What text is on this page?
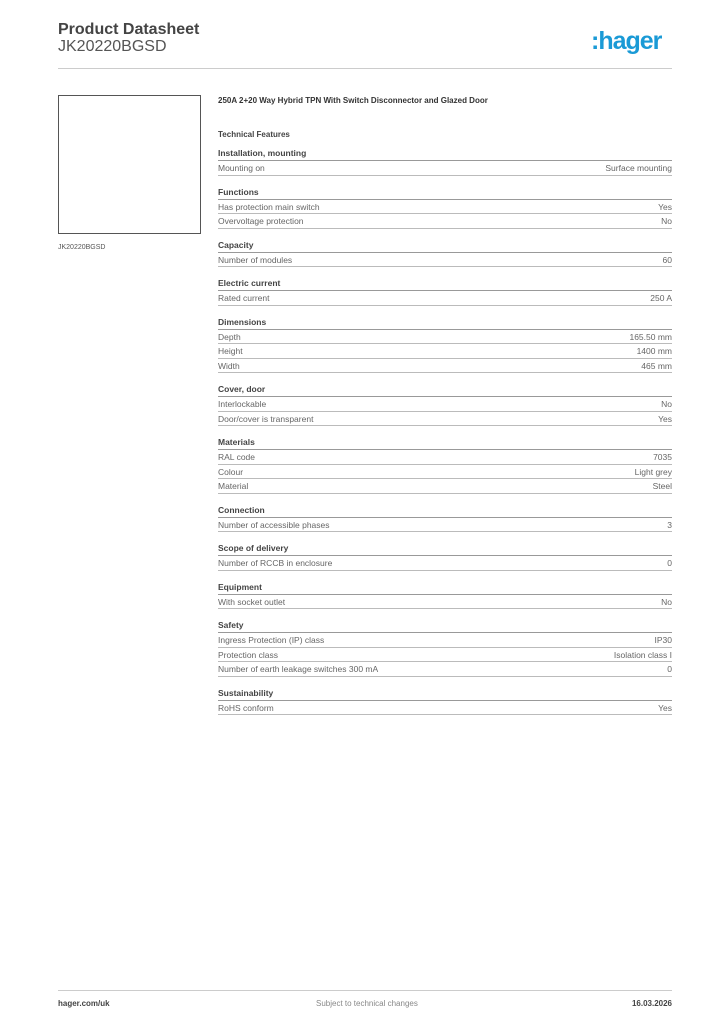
Product Datasheet
JK20220BGSD	:hager
JK20220BGSD
250A 2+20 Way Hybrid TPN With Switch Disconnector and Glazed Door
Technical Features
Installation, mounting
Mounting on	Surface mounting
Functions
Has protection main switch	Yes
Overvoltage protection	No
Capacity
Number of modules	60
Electric current
Rated current	250 A
Dimensions
Depth	165.50 mm
Height	1400 mm
Width	465 mm
Cover, door
Interlockable	No
Door/cover is transparent	Yes
Materials
RAL code	7035
Colour	Light grey
Material	Steel
Connection
Number of accessible phases	3
Scope of delivery
Number of RCCB in enclosure	0
Equipment
With socket outlet	No
Safety
Ingress Protection (IP) class	IP30
Protection class	Isolation class I
Number of earth leakage switches 300 mA	0
Sustainability
RoHS conform	Yes
hager.com/uk	Subject to technical changes	16.03.2026
